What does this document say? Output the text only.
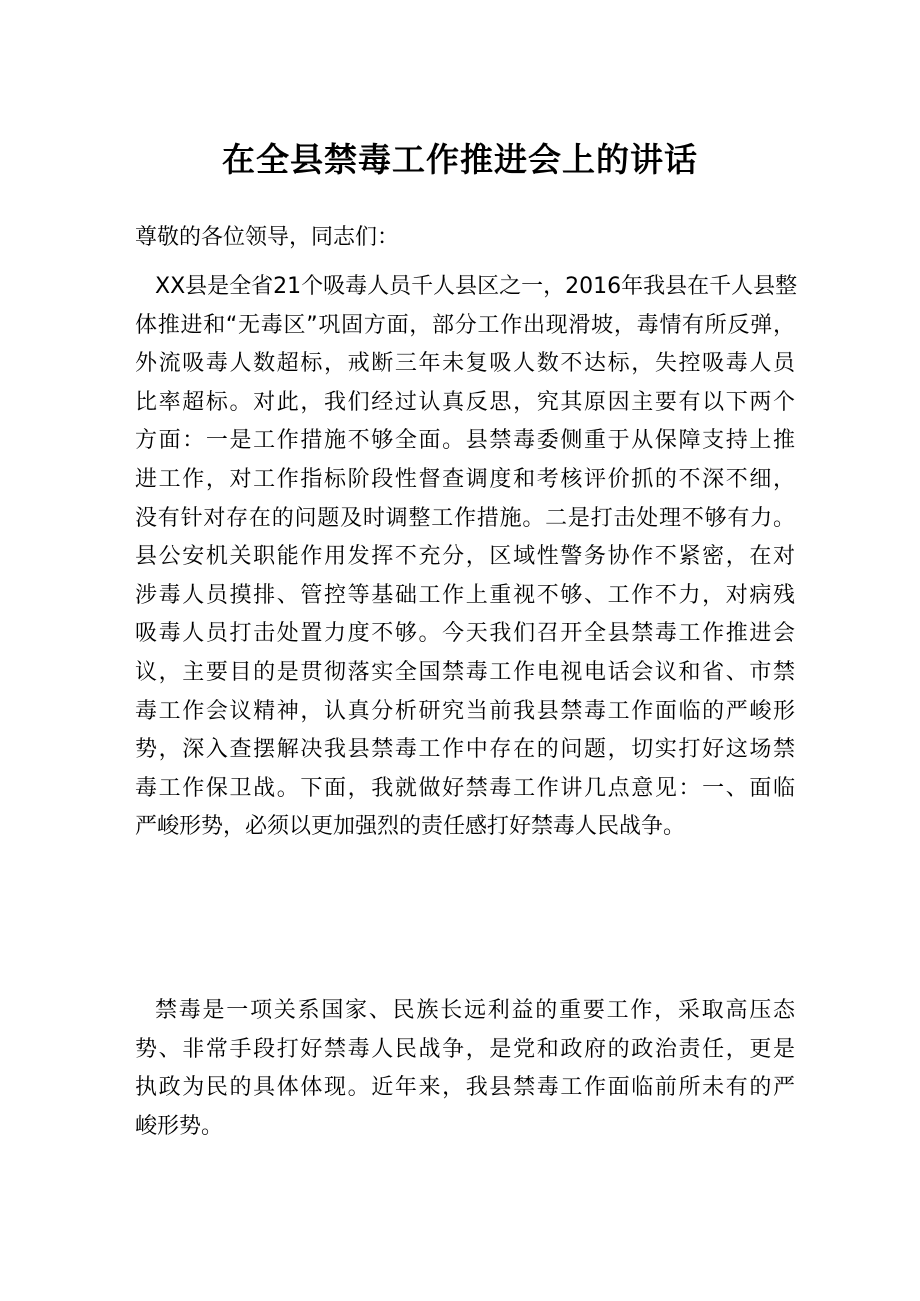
在全县禁毒工作推进会上的讲话
尊敬的各位领导，同志们：
XX县是全省21个吸毒人员千人县区之一，2016年我县在千人县整
体推进和“无毒区”巩固方面，部分工作出现滑坡，毒情有所反弹，
外流吸毒人数超标，戒断三年未复吸人数不达标，失控吸毒人员
比率超标。对此，我们经过认真反思，究其原因主要有以下两个
方面：一是工作措施不够全面。县禁毒委侧重于从保障支持上推
进工作，对工作指标阶段性督查调度和考核评价抓的不深不细，
没有针对存在的问题及时调整工作措施。二是打击处理不够有力。
县公安机关职能作用发挥不充分，区域性警务协作不紧密，在对
涉毒人员摸排、管控等基础工作上重视不够、工作不力，对病残
吸毒人员打击处置力度不够。今天我们召开全县禁毒工作推进会
议，主要目的是贯彻落实全国禁毒工作电视电话会议和省、市禁
毒工作会议精神，认真分析研究当前我县禁毒工作面临的严峻形
势，深入查摆解决我县禁毒工作中存在的问题，切实打好这场禁
毒工作保卫战。下面，我就做好禁毒工作讲几点意见：一、面临
严峻形势，必须以更加强烈的责任感打好禁毒人民战争。
禁毒是一项关系国家、民族长远利益的重要工作，采取高压态
势、非常手段打好禁毒人民战争，是党和政府的政治责任，更是
执政为民的具体体现。近年来，我县禁毒工作面临前所未有的严
峻形势。
